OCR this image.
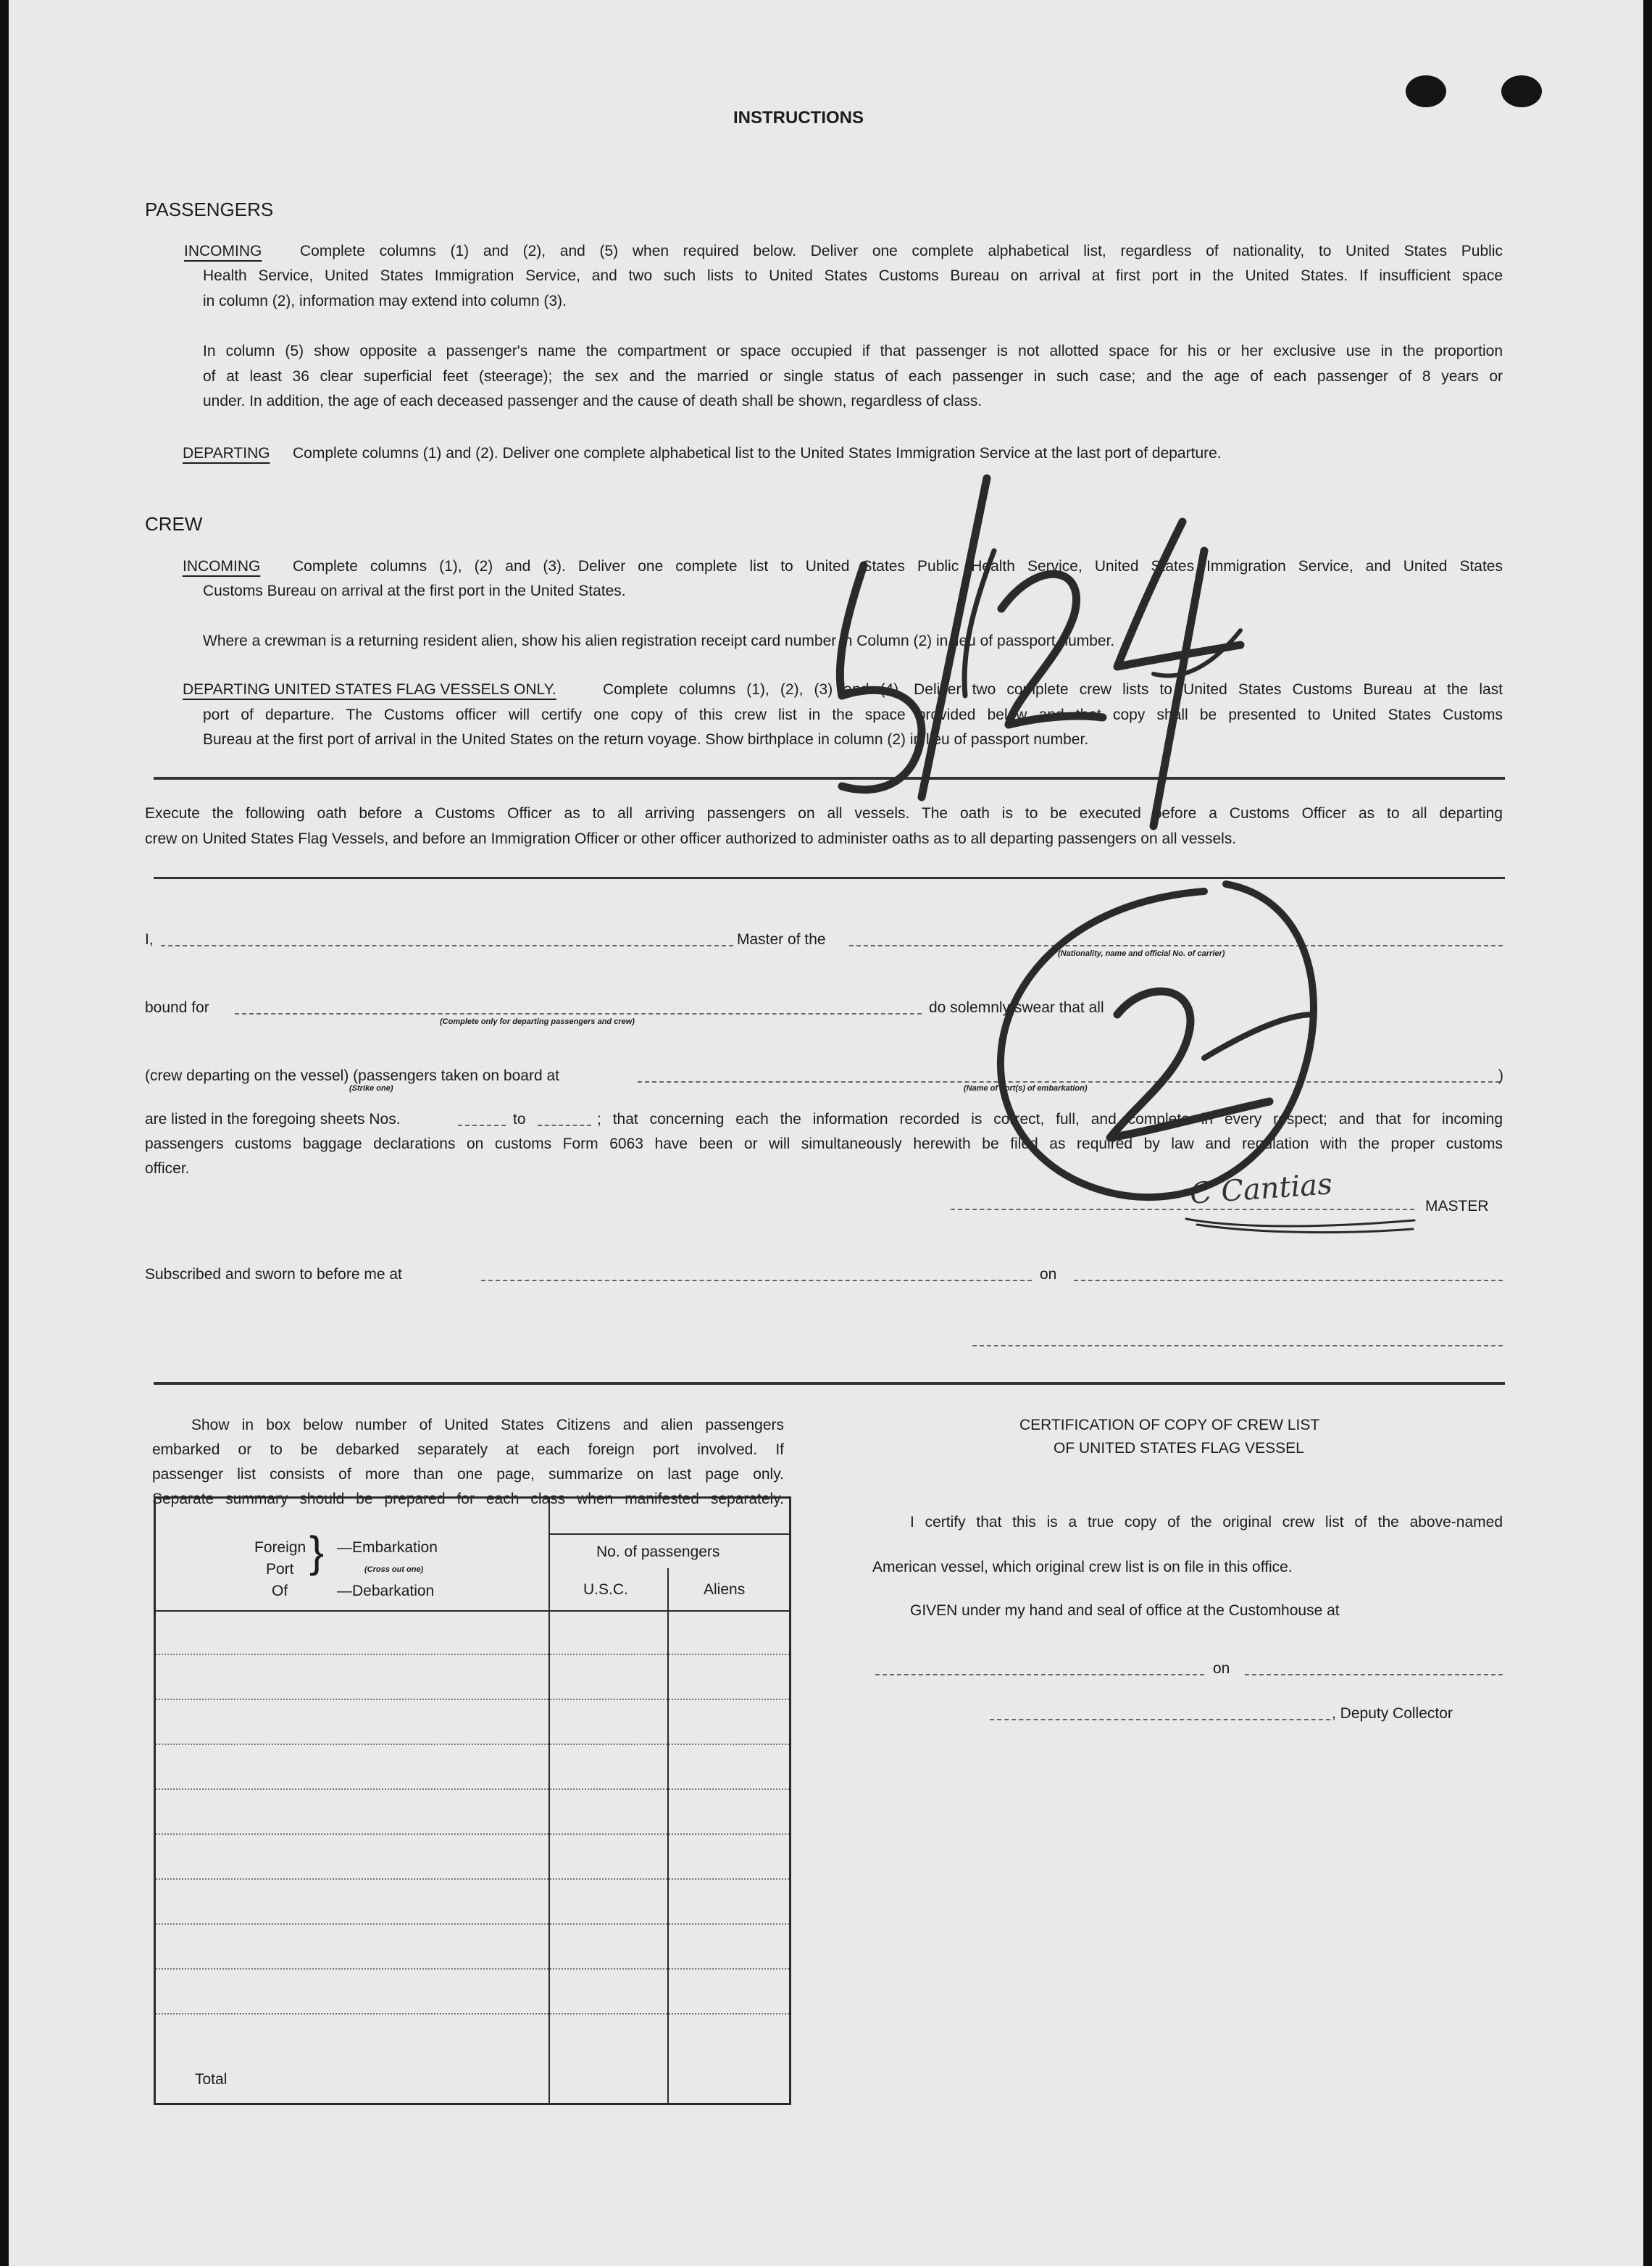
INSTRUCTIONS
PASSENGERS
INCOMING	Complete columns (1) and (2), and (5) when required below. Deliver one complete alphabetical list, regardless of nationality, to United States Public
Health Service, United States Immigration Service, and two such lists to United States Customs Bureau on arrival at first port in the United States. If insufficient space
in column (2), information may extend into column (3).
In column (5) show opposite a passenger's name the compartment or space occupied if that passenger is not allotted space for his or her exclusive use in the proportion
of at least 36 clear superficial feet (steerage); the sex and the married or single status of each passenger in such case; and the age of each passenger of 8 years or
under. In addition, the age of each deceased passenger and the cause of death shall be shown, regardless of class.
DEPARTING Complete columns (1) and (2). Deliver one complete alphabetical list to the United States Immigration Service at the last port of departure.
CREW
INCOMING Complete columns (1), (2) and (3). Deliver one complete list to United States Public Health Service, United States Immigration Service, and United States
Customs Bureau on arrival at the first port in the United States.
Where a crewman is a returning resident alien, show his alien registration receipt card number in Column (2) in lieu of passport number.
DEPARTING UNITED STATES FLAG VESSELS ONLY.	Complete columns (1), (2), (3) and (4). Deliver two complete crew lists to United States Customs Bureau at the last
port of departure. The Customs officer will certify one copy of this crew list in the space provided below and that copy shall be presented to United States Customs
Bureau at the first port of arrival in the United States on the return voyage. Show birthplace in column (2) in lieu of passport number.
Execute the following oath before a Customs Officer as to all arriving passengers on all vessels. The oath is to be executed before a Customs Officer as to all departing
crew on United States Flag Vessels, and before an Immigration Officer or other officer authorized to administer oaths as to all departing passengers on all vessels.
I,	Master of the
(Nationality, name and official No. of carrier)
bound for
(Complete only for departing passengers and crew)
do solemnly swear that all
(crew departing on the vessel) (passengers taken on board at
(Strike one)	(Name of port(s) of embarkation)
)
are listed in the foregoing sheets Nos.	to	; that concerning each the information recorded is correct, full, and complete in every respect; and that for incoming
passengers customs baggage declarations on customs Form 6063 have been or will simultaneously herewith be filed as required by law and regulation with the proper customs
officer.	C Cantias	MASTER
Subscribed and sworn to before me at	on
Show in box below number of United States Citizens and alien passengers
embarked or to be debarked separately at each foreign port involved. If
passenger list consists of more than one page, summarize on last page only.
Separate summary should be prepared for each class when manifested separately.
Foreign
Port
Of
} —Embarkation
(Cross out one)
—Debarkation
No. of passengers
U.S.C.	Aliens
Total
CERTIFICATION OF COPY OF CREW LIST
OF UNITED STATES FLAG VESSEL
I certify that this is a true copy of the original crew list of the above-named
American vessel, which original crew list is on file in this office.
GIVEN under my hand and seal of office at the Customhouse at
on
, Deputy Collector
